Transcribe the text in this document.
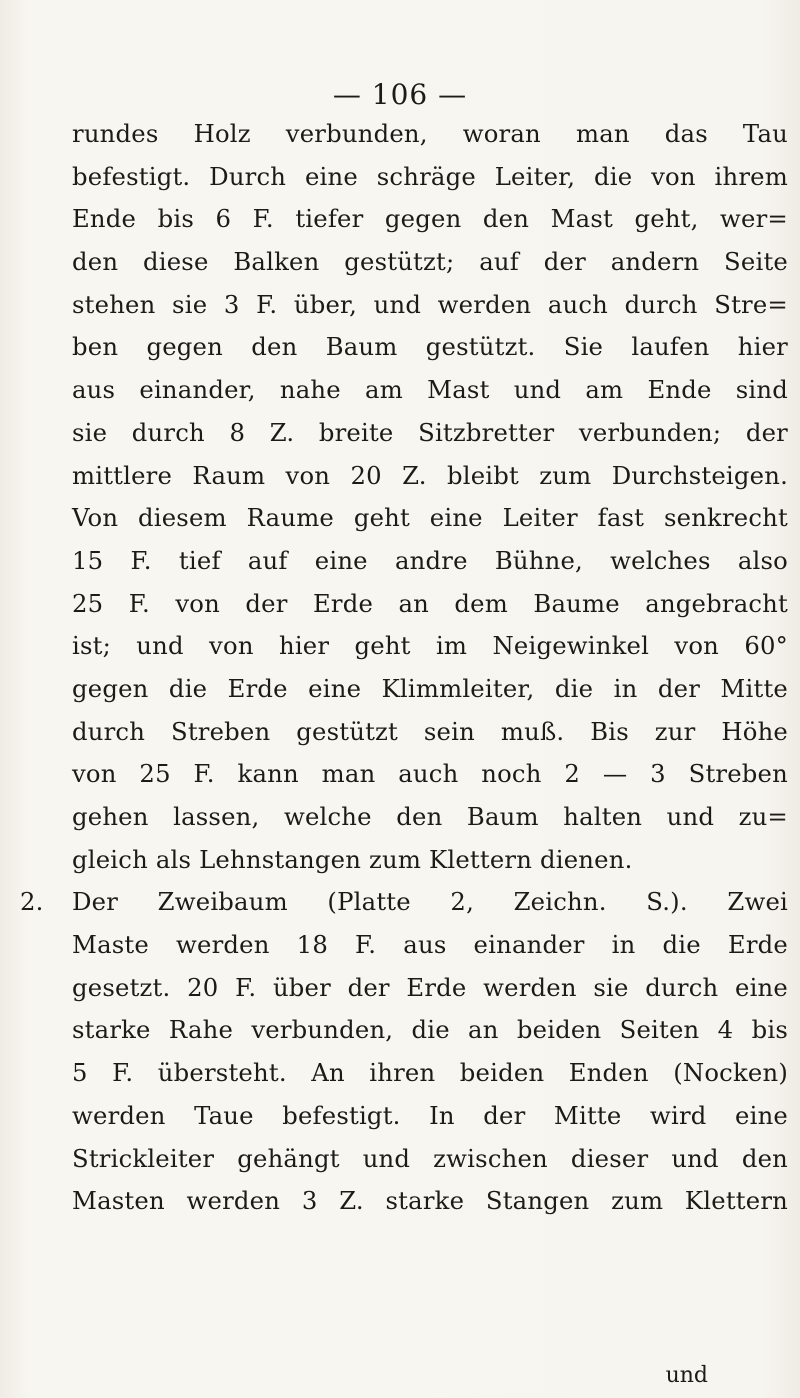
— 106 —
rundes Holz verbunden, woran man das Tau
befestigt. Durch eine schräge Leiter, die von ihrem
Ende bis 6 F. tiefer gegen den Mast geht, wer=
den diese Balken gestützt; auf der andern Seite
stehen sie 3 F. über, und werden auch durch Stre=
ben gegen den Baum gestützt. Sie laufen hier
aus einander, nahe am Mast und am Ende sind
sie durch 8 Z. breite Sitzbretter verbunden; der
mittlere Raum von 20 Z. bleibt zum Durchsteigen.
Von diesem Raume geht eine Leiter fast senkrecht
15 F. tief auf eine andre Bühne, welches also
25 F. von der Erde an dem Baume angebracht
ist; und von hier geht im Neigewinkel von 60°
gegen die Erde eine Klimmleiter, die in der Mitte
durch Streben gestützt sein muß. Bis zur Höhe
von 25 F. kann man auch noch 2 — 3 Streben
gehen lassen, welche den Baum halten und zu=
gleich als Lehnstangen zum Klettern dienen.
2.	Der Zweibaum (Platte 2, Zeichn. S.). Zwei
Maste werden 18 F. aus einander in die Erde
gesetzt. 20 F. über der Erde werden sie durch eine
starke Rahe verbunden, die an beiden Seiten 4 bis
5 F. übersteht. An ihren beiden Enden (Nocken)
werden Taue befestigt. In der Mitte wird eine
Strickleiter gehängt und zwischen dieser und den
Masten werden 3 Z. starke Stangen zum Klettern
und
